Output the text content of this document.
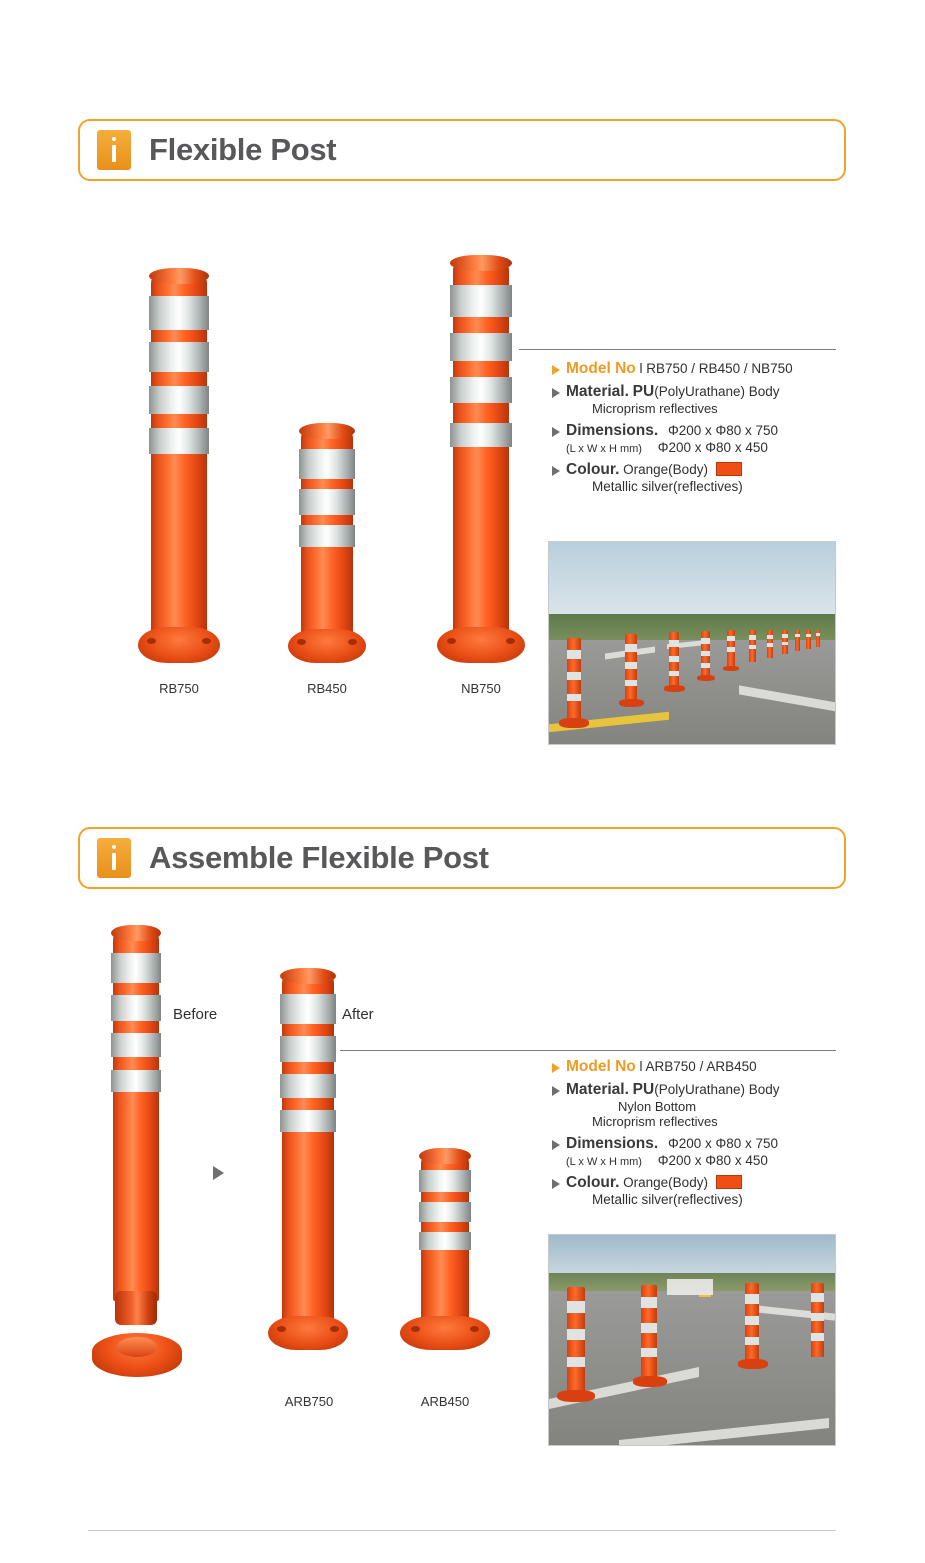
Flexible Post
RB750	RB450	NB750
Model No l RB750 / RB450 / NB750
Material. PU(PolyUrathane) Body
Microprism reflectives
Dimensions. Φ200 x Φ80 x 750
(L x W x H mm) Φ200 x Φ80 x 450
Colour. Orange(Body)
Metallic silver(reflectives)
Assemble Flexible Post
Before	After
ARB750	ARB450
Model No l ARB750 / ARB450
Material. PU(PolyUrathane) Body
Nylon Bottom
Microprism reflectives
Dimensions. Φ200 x Φ80 x 750
(L x W x H mm) Φ200 x Φ80 x 450
Colour. Orange(Body)
Metallic silver(reflectives)
